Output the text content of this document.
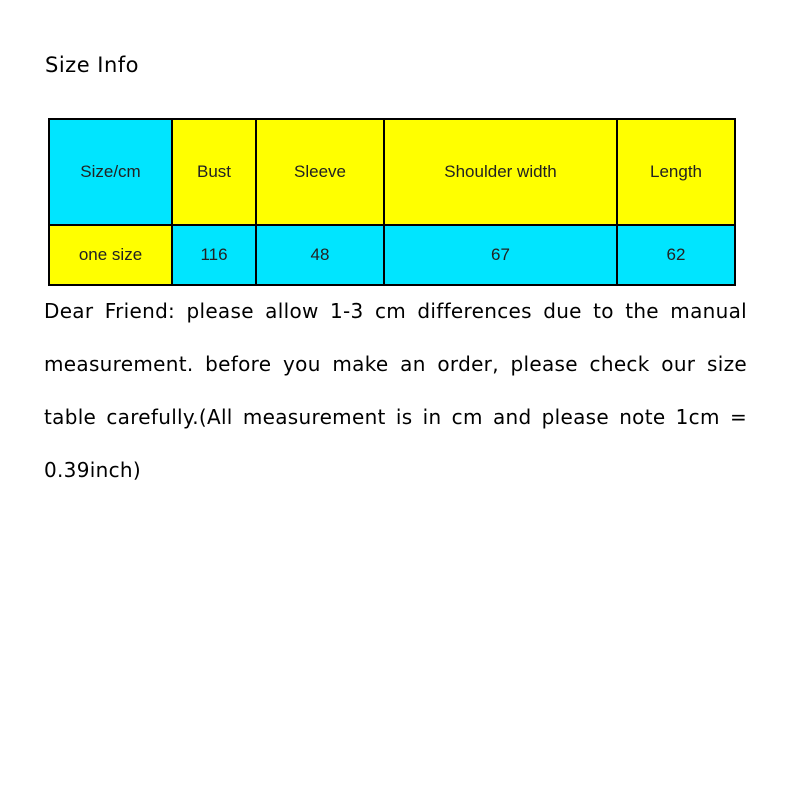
Size Info
Size/cm	Bust	Sleeve	Shoulder width	Length
one size	116	48	67	62

Dear Friend: please allow 1-3 cm differences due to the manual measurement. before you make an order, please check our size table carefully.(All measurement is in cm and please note 1cm = 0.39inch)
